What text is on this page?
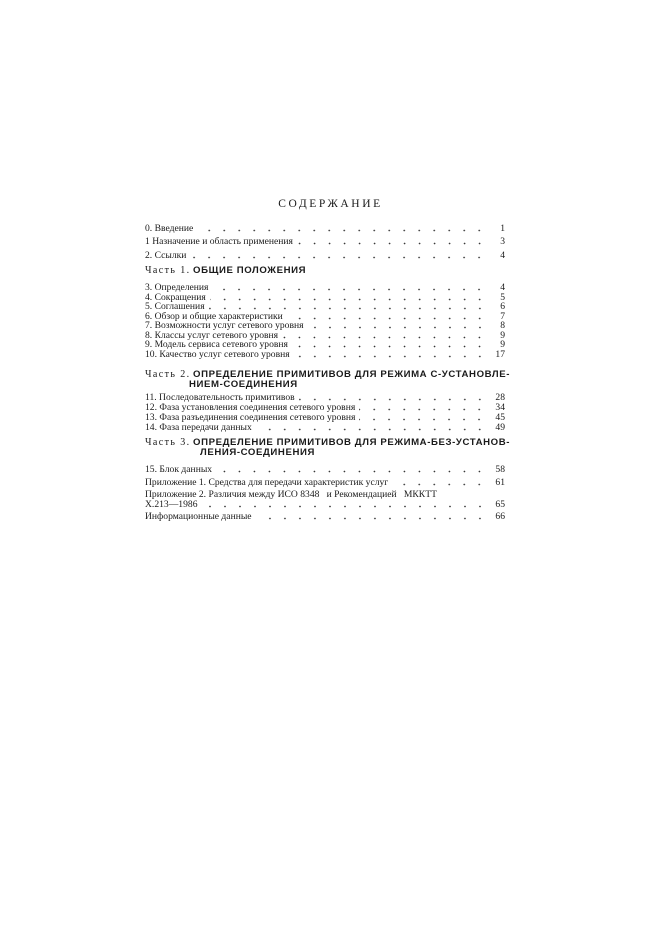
СОДЕРЖАНИЕ
0. Введение	1
1 Назначение и область применения	3
2. Ссылки	4
Часть 1. ОБЩИЕ ПОЛОЖЕНИЯ
3. Определения	4
4. Сокращения	5
5. Соглашения	6
6. Обзор и общие характеристики	7
7. Возможности услуг сетевого уровня	8
8. Классы услуг сетевого уровня	9
9. Модель сервиса сетевого уровня	9
10. Качество услуг сетевого уровня	17
Часть 2. ОПРЕДЕЛЕНИЕ ПРИМИТИВОВ ДЛЯ РЕЖИМА С-УСТАНОВЛЕ-
НИЕМ-СОЕДИНЕНИЯ
11. Последовательность примитивов	28
12. Фаза установления соединения сетевого уровня	34
13. Фаза разъединения соединения сетевого уровня	45
14. Фаза передачи данных	49
Часть 3. ОПРЕДЕЛЕНИЕ ПРИМИТИВОВ ДЛЯ РЕЖИМА-БЕЗ-УСТАНОВ-
ЛЕНИЯ-СОЕДИНЕНИЯ
15. Блок данных	58
Приложение 1. Средства для передачи характеристик услуг	61
Приложение 2. Различия между ИСО 8348   и Рекомендацией   МККТТ
Х.213—1986	65
Информационные данные	66
